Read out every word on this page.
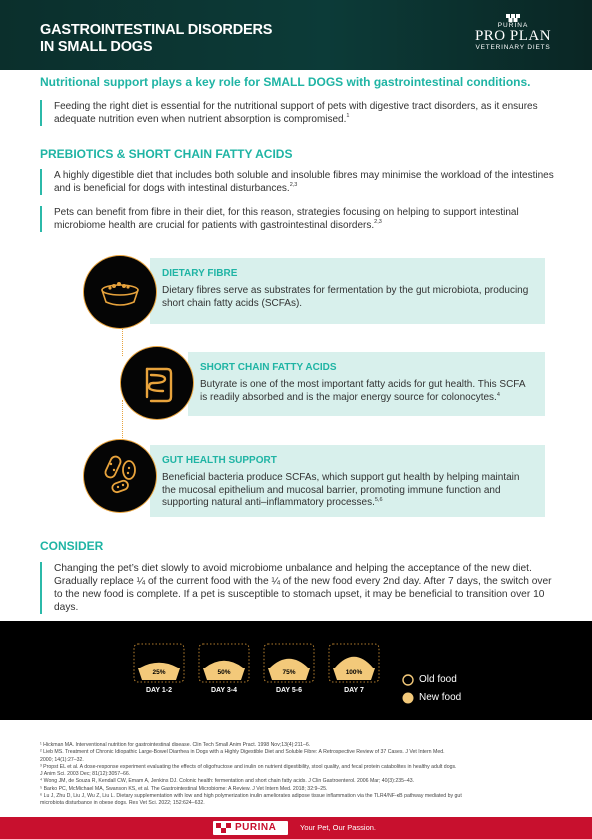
GASTROINTESTINAL DISORDERS
IN SMALL DOGS
PURINA
PRO PLAN
VETERINARY DIETS
Nutritional support plays a key role for SMALL DOGS with gastrointestinal conditions.
Feeding the right diet is essential for the nutritional support of pets with digestive tract disorders, as it ensures adequate nutrition even when nutrient absorption is compromised.$^1$
PREBIOTICS & SHORT CHAIN FATTY ACIDS
A highly digestible diet that includes both soluble and insoluble fibres may minimise the workload of the intestines and is beneficial for dogs with intestinal disturbances.$^{2,3}$
Pets can benefit from fibre in their diet, for this reason, strategies focusing on helping to support intestinal microbiome health are crucial for patients with gastrointestinal disorders.$^{2,3}$
DIETARY FIBRE
Dietary fibres serve as substrates for fermentation by the gut microbiota, producing short chain fatty acids (SCFAs).
SHORT CHAIN FATTY ACIDS
Butyrate is one of the most important fatty acids for gut health. This SCFA is readily absorbed and is the major energy source for colonocytes.$^4$
GUT HEALTH SUPPORT
Beneficial bacteria produce SCFAs, which support gut health by helping maintain the mucosal epithelium and mucosal barrier, promoting immune function and supporting natural anti–inflammatory processes.$^{5,6}$
CONSIDER
Changing the pet’s diet slowly to avoid microbiome unbalance and helping the acceptance of the new diet. Gradually replace ¼ of the current food with the ¼ of the new food every 2nd day. After 7 days, the switch over to the new food is complete. If a pet is susceptible to stomach upset, it may be beneficial to transition over 10 days.
25%
DAY 1-2
50%
DAY 3-4
75%
DAY 5-6
100%
DAY 7
Old food
New food
¹ Hickman MA. Interventional nutrition for gastrointestinal disease. Clin Tech Small Anim Pract. 1998 Nov;13(4):211–6.
² Lieb MS. Treatment of Chronic Idiopathic Large-Bowel Diarrhea in Dogs with a Highly Digestible Diet and Soluble Fibre: A Retrospective Review of 37 Cases. J Vet Intern Med.
2000; 14(1):27–32.
³ Propst EL et al. A dose-response experiment evaluating the effects of oligofructose and inulin on nutrient digestibility, stool quality, and fecal protein catabolites in healthy adult dogs.
J Anim Sci. 2003 Dec; 81(12):3057–66.
⁴ Wong JM, de Souza R, Kendall CW, Emam A, Jenkins DJ. Colonic health: fermentation and short chain fatty acids. J Clin Gastroenterol. 2006 Mar; 40(3):235–43.
⁵ Barko PC, McMichael MA, Swanson KS, et al. The Gastrointestinal Microbiome: A Review. J Vet Intern Med. 2018; 32:9–25.
⁶ Lu J, Zhu D, Liu J, Wu Z, Liu L. Dietary supplementation with low and high polymerization inulin ameliorates adipose tissue inflammation via the TLR4/NF-κB pathway mediated by gut
microbiota disturbance in obese dogs. Res Vet Sci. 2022; 152:624–632.
PURINA	Your Pet, Our Passion.
